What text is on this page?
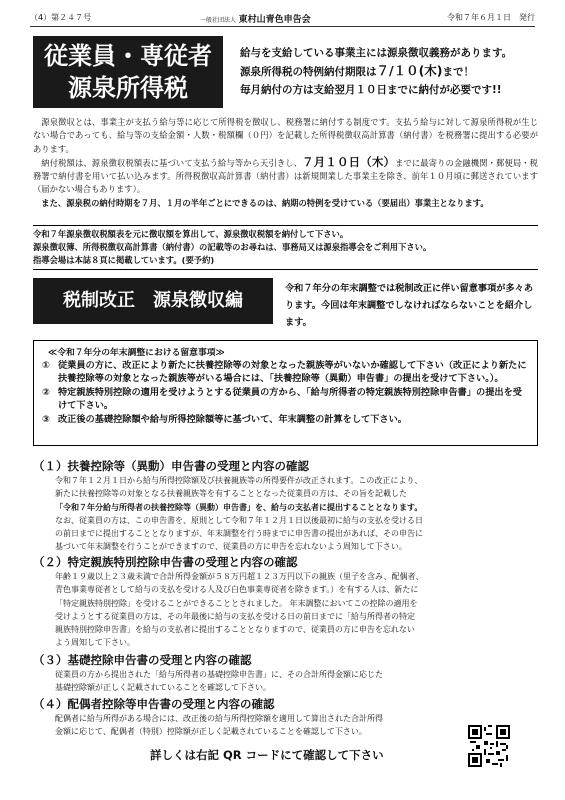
（4）第２４７号	一般社団法人 東村山青色申告会	令和７年６月１日　発行
従業員・専従者
源泉所得税
給与を支給している事業主には源泉徴収義務があります。
源泉所得税の特例納付期限は７/１０(木)まで！
毎月納付の方は支給翌月１０日までに納付が必要です!!

源泉徴収とは、事業主が支払う給与等に応じて所得税を徴収し、税務署に納付する制度です。支払う給与に対して源泉所得税が生じない場合であっても、給与等の支給金額・人数・税額欄（０円）を記載した所得税徴収高計算書（納付書）を税務署に提出する必要があります。

納付税額は、源泉徴収税額表に基づいて支払う給与等から天引きし、７月１０日（木）までに最寄りの金融機関・郵便局・税務署で納付書を用いて払い込みます。所得税徴収高計算書（納付書）は新規開業した事業主を除き、前年１０月頃に郵送されています（届かない場合もあります）。

また、源泉税の納付時期を７月、１月の半年ごとにできるのは、納期の特例を受けている（要届出）事業主となります。

令和７年源泉徴収税額表を元に徴収額を算出して、源泉徴収税額を納付して下さい。
源泉徴収簿、所得税徴収高計算書（納付書）の記載等のお尋ねは、事務局又は源泉指導会をご利用下さい。
指導会場は本誌８頁に掲載しています。(要予約)
税制改正　源泉徴収編
令和７年分の年末調整では税制改正に伴い留意事項が多々あります。今回は年末調整でしなければならないことを紹介します。
≪令和７年分の年末調整における留意事項≫
① 従業員の方に、改正により新たに扶養控除等の対象となった親族等がいないか確認して下さい（改正により新たに扶養控除等の対象となった親族等がいる場合には、「扶養控除等（異動）申告書」の提出を受けて下さい。）。
② 特定親族特別控除の適用を受けようとする従業員の方から、「給与所得者の特定親族特別控除申告書」の提出を受けて下さい。
③ 改正後の基礎控除額や給与所得控除額等に基づいて、年末調整の計算をして下さい。
（１）扶養控除等（異動）申告書の受理と内容の確認
令和７年１２月１日から給与所得控除額及び扶養親族等の所得要件が改正されます。この改正により、
新たに扶養控除等の対象となる扶養親族等を有することとなった従業員の方は、その旨を記載した
「令和７年分給与所得者の扶養控除等（異動）申告書」を、給与の支払者に提出することとなります。
なお、従業員の方は、この申告書を、原則として令和７年１２月１日以後最初に給与の支払を受ける日
の前日までに提出することとなりますが、年末調整を行う時までに申告書の提出があれば、その申告に
基づいて年末調整を行うことができますので、従業員の方に申告を忘れないよう周知して下さい。
（２）特定親族特別控除申告書の受理と内容の確認
年齢１９歳以上２３歳未満で合計所得金額が５８万円超１２３万円以下の親族（里子を含み、配偶者、
青色事業専従者として給与の支払を受ける人及び白色事業専従者を除きます。）を有する人は、新たに
「特定親族特別控除」を受けることができることとされました。 年末調整においてこの控除の適用を
受けようとする従業員の方は、その年最後に給与の支払を受ける日の前日までに「給与所得者の特定
親族特別控除申告書」を給与の支払者に提出することとなりますので、従業員の方に申告を忘れない
よう周知して下さい。
（３）基礎控除申告書の受理と内容の確認
従業員の方から提出された「給与所得者の基礎控除申告書」に、その合計所得金額に応じた
基礎控除額が正しく記載されていることを確認して下さい。
（４）配偶者控除等申告書の受理と内容の確認
配偶者に給与所得がある場合には、改正後の給与所得控除額を適用して算出された合計所得
金額に応じて、配偶者（特別）控除額が正しく記載されていることを確認して下さい。
詳しくは右記 QR コードにて確認して下さい
